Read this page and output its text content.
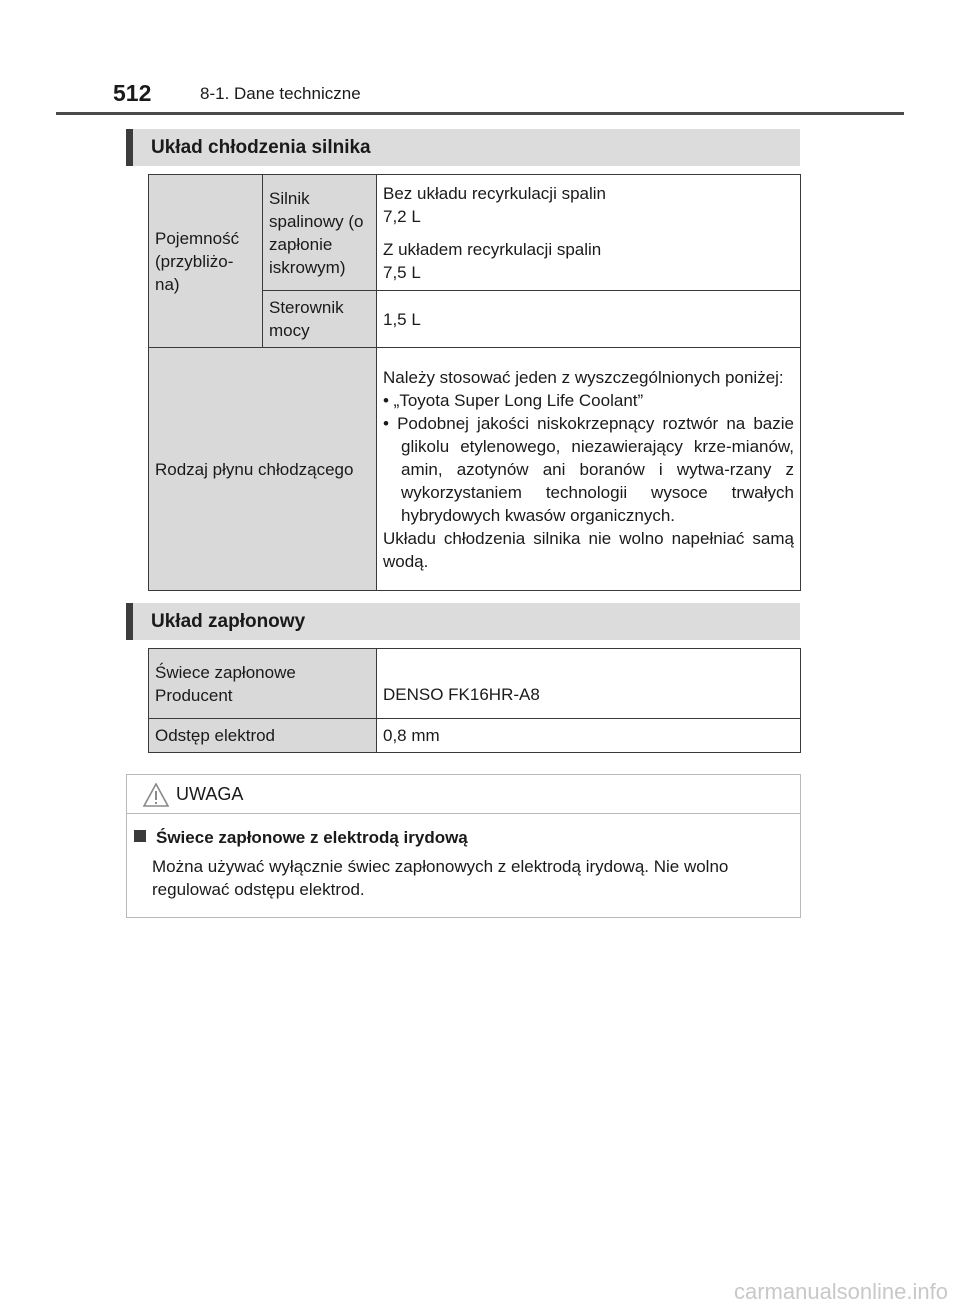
512	8-1. Dane techniczne
Układ chłodzenia silnika
Pojemność (przybliżo-na)	Silnik spalinowy (o zapłonie iskrowym)	Bez układu recyrkulacji spalin

7,2 L

Z układem recyrkulacji spalin

7,5 L

	Sterownik mocy	1,5 L
Rodzaj płynu chłodzącego		Należy stosować jeden z wyszczególnionych poniżej:

• „Toyota Super Long Life Coolant”

• Podobnej jakości niskokrzepnący roztwór na bazie glikolu etylenowego, niezawierający krze-mianów, amin, azotynów ani boranów i wytwa-rzany z wykorzystaniem technologii wysoce trwałych hybrydowych kwasów organicznych.

Układu chłodzenia silnika nie wolno napełniać samą wodą.

Układ zapłonowy

Świece zapłonowe

Producent	DENSO FK16HR-A8
Odstęp elektrod	0,8 mm
UWAGA
Świece zapłonowe z elektrodą irydową
Można używać wyłącznie świec zapłonowych z elektrodą irydową. Nie wolno regulować odstępu elektrod.
carmanualsonline.info
